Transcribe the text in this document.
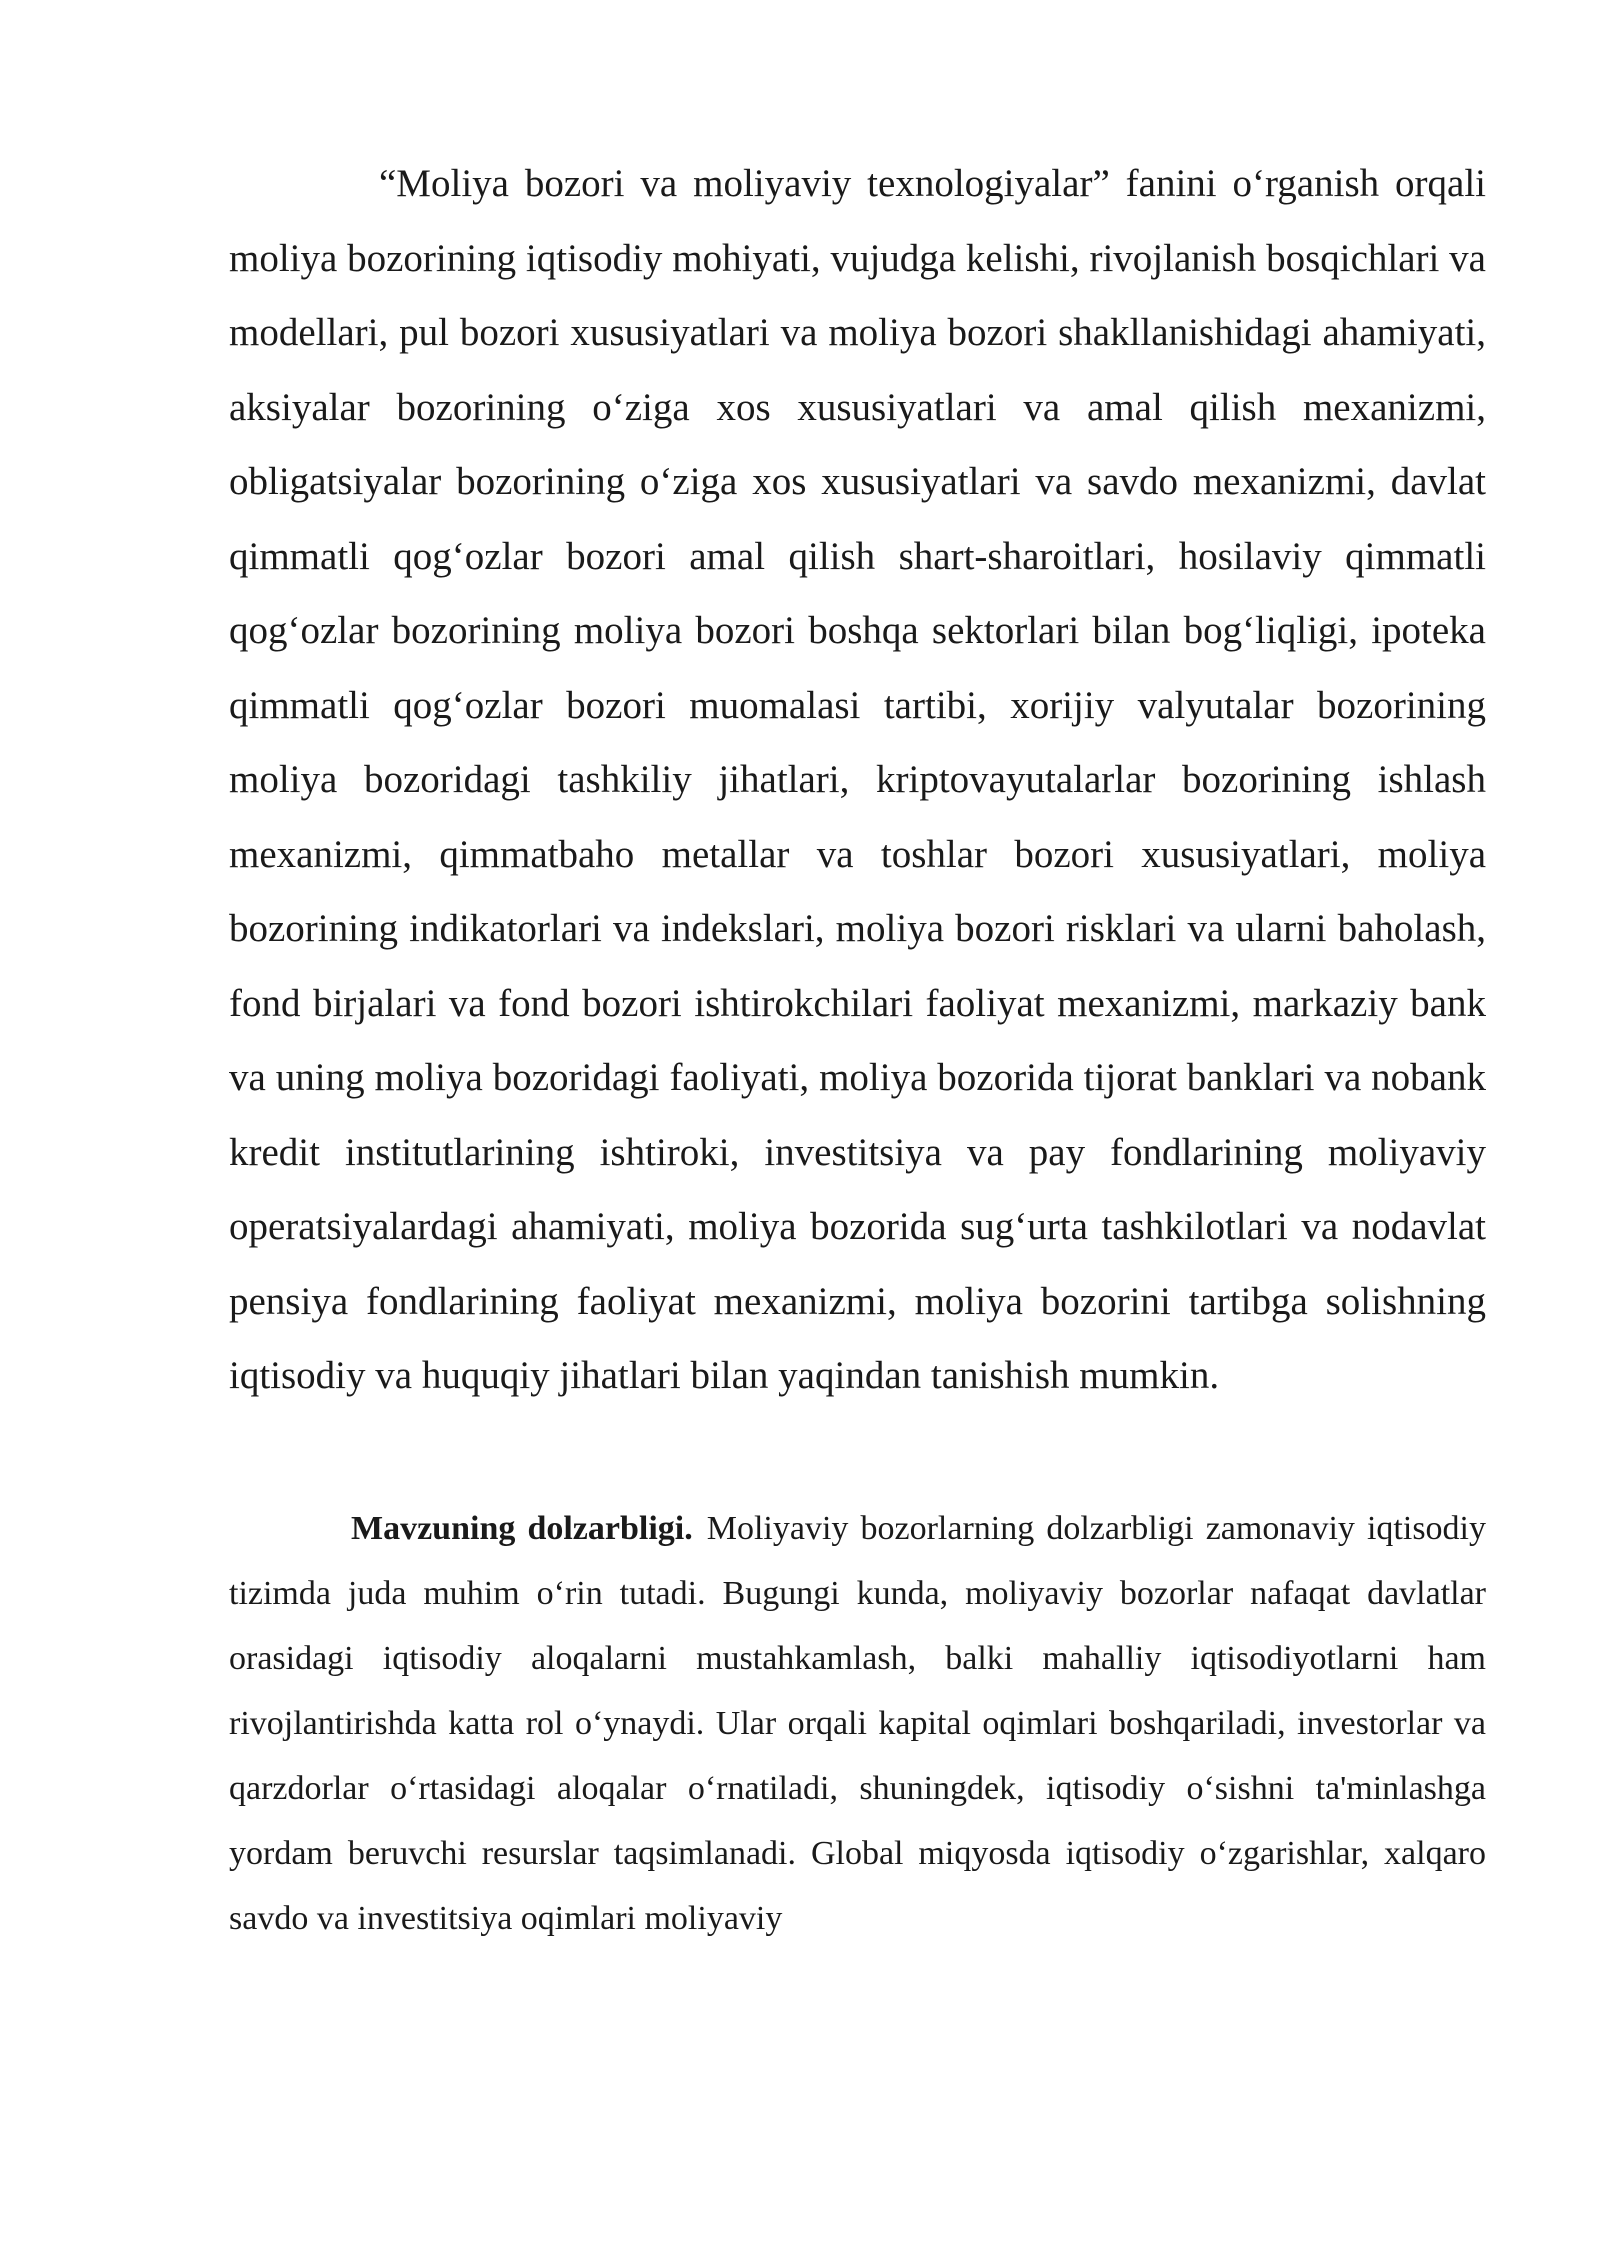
“Moliya bozori va moliyaviy texnologiyalar” fanini o‘rganish orqali moliya bozorining iqtisodiy mohiyati, vujudga kelishi, rivojlanish bosqichlari va modellari, pul bozori xususiyatlari va moliya bozori shakllanishidagi ahamiyati, aksiyalar bozorining o‘ziga xos xususiyatlari va amal qilish mexanizmi, obligatsiyalar bozorining o‘ziga xos xususiyatlari va savdo mexanizmi, davlat qimmatli qog‘ozlar bozori amal qilish shart-sharoitlari, hosilaviy qimmatli qog‘ozlar bozorining moliya bozori boshqa sektorlari bilan bog‘liqligi, ipoteka qimmatli qog‘ozlar bozori muomalasi tartibi, xorijiy valyutalar bozorining moliya bozoridagi tashkiliy jihatlari, kriptovayutalarlar bozorining ishlash mexanizmi, qimmatbaho metallar va toshlar bozori xususiyatlari, moliya bozorining indikatorlari va indekslari, moliya bozori risklari va ularni baholash, fond birjalari va fond bozori ishtirokchilari faoliyat mexanizmi, markaziy bank va uning moliya bozoridagi faoliyati, moliya bozorida tijorat banklari va nobank kredit institutlarining ishtiroki, investitsiya va pay fondlarining moliyaviy operatsiyalardagi ahamiyati, moliya bozorida sug‘urta tashkilotlari va nodavlat pensiya fondlarining faoliyat mexanizmi, moliya bozorini tartibga solishning iqtisodiy va huquqiy jihatlari bilan yaqindan tanishish mumkin.

Mavzuning dolzarbligi. Moliyaviy bozorlarning dolzarbligi zamonaviy iqtisodiy tizimda juda muhim o‘rin tutadi. Bugungi kunda, moliyaviy bozorlar nafaqat davlatlar orasidagi iqtisodiy aloqalarni mustahkamlash, balki mahalliy iqtisodiyotlarni ham rivojlantirishda katta rol o‘ynaydi. Ular orqali kapital oqimlari boshqariladi, investorlar va qarzdorlar o‘rtasidagi aloqalar o‘rnatiladi, shuningdek, iqtisodiy o‘sishni ta'minlashga yordam beruvchi resurslar taqsimlanadi. Global miqyosda iqtisodiy o‘zgarishlar, xalqaro savdo va investitsiya oqimlari moliyaviy
